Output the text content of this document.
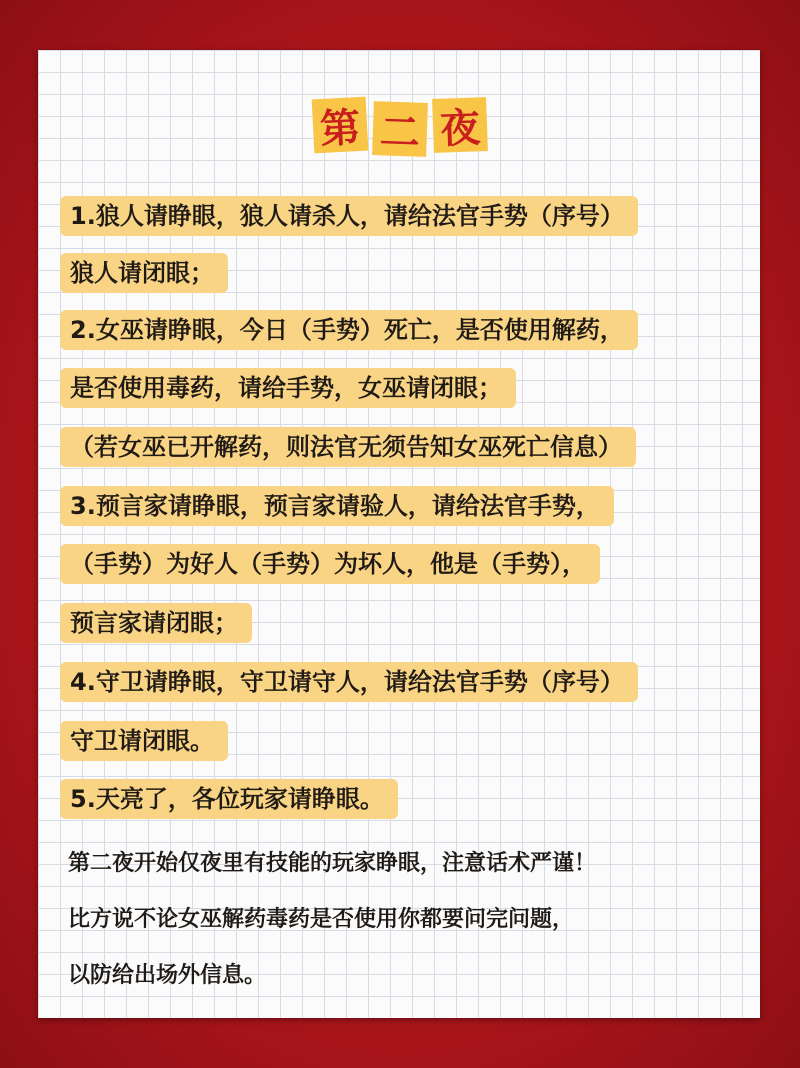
第 二 夜
1.狼人请睁眼，狼人请杀人，请给法官手势（序号）
狼人请闭眼；
2.女巫请睁眼，今日（手势）死亡，是否使用解药，
是否使用毒药，请给手势，女巫请闭眼；
（若女巫已开解药，则法官无须告知女巫死亡信息）
3.预言家请睁眼，预言家请验人，请给法官手势，
（手势）为好人（手势）为坏人，他是（手势），
预言家请闭眼；
4.守卫请睁眼，守卫请守人，请给法官手势（序号）
守卫请闭眼。
5.天亮了，各位玩家请睁眼。
第二夜开始仅夜里有技能的玩家睁眼，注意话术严谨！
比方说不论女巫解药毒药是否使用你都要问完问题，
以防给出场外信息。
